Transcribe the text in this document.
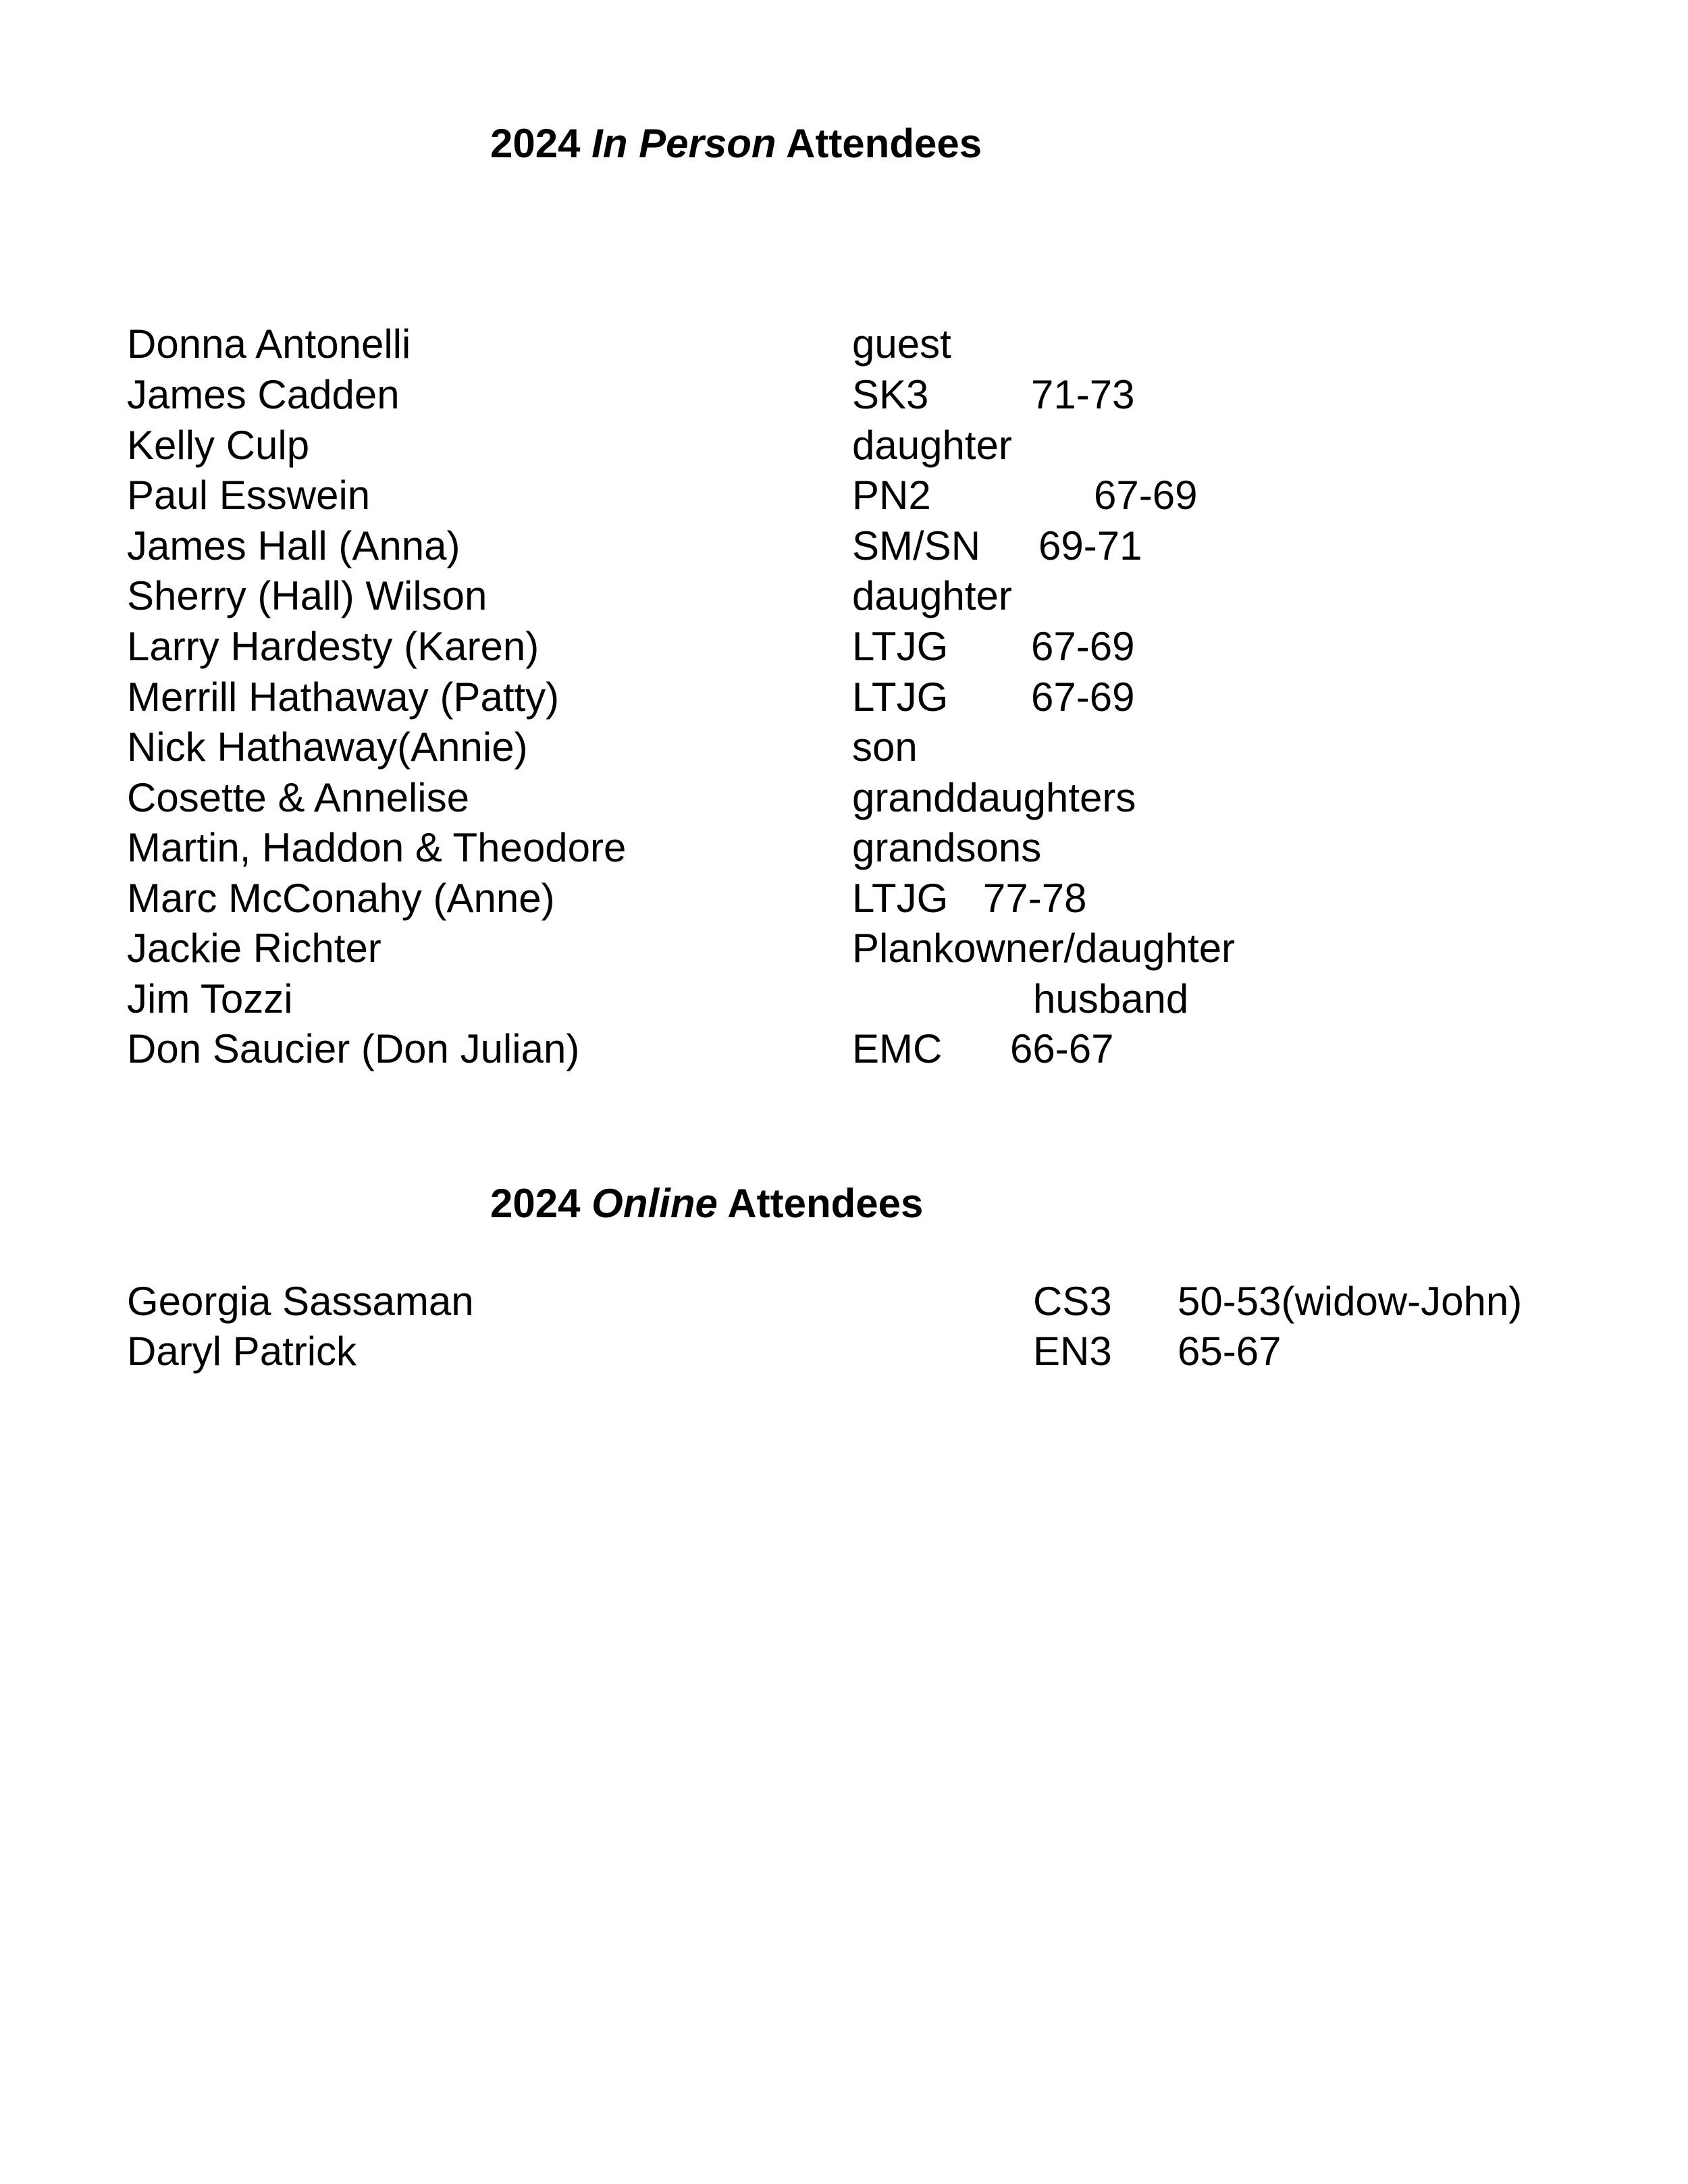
2024 In Person Attendees
Donna Antonelli	guest
James Cadden	SK3	71-73
Kelly Culp	daughter
Paul Esswein	PN2	67-69
James Hall (Anna)	SM/SN 69-71
Sherry (Hall) Wilson	daughter
Larry Hardesty (Karen)	LTJG 67-69
Merrill Hathaway (Patty)	LTJG 67-69
Nick Hathaway(Annie)	son
Cosette & Annelise	granddaughters
Martin, Haddon & Theodore	grandsons
Marc McConahy (Anne)	LTJG 77-78
Jackie Richter	Plankowner/daughter
Jim Tozzi	husband
Don Saucier (Don Julian)	EMC 66-67
2024 Online Attendees
Georgia Sassaman	CS3 50-53(widow-John)
Daryl Patrick	EN3 65-67
